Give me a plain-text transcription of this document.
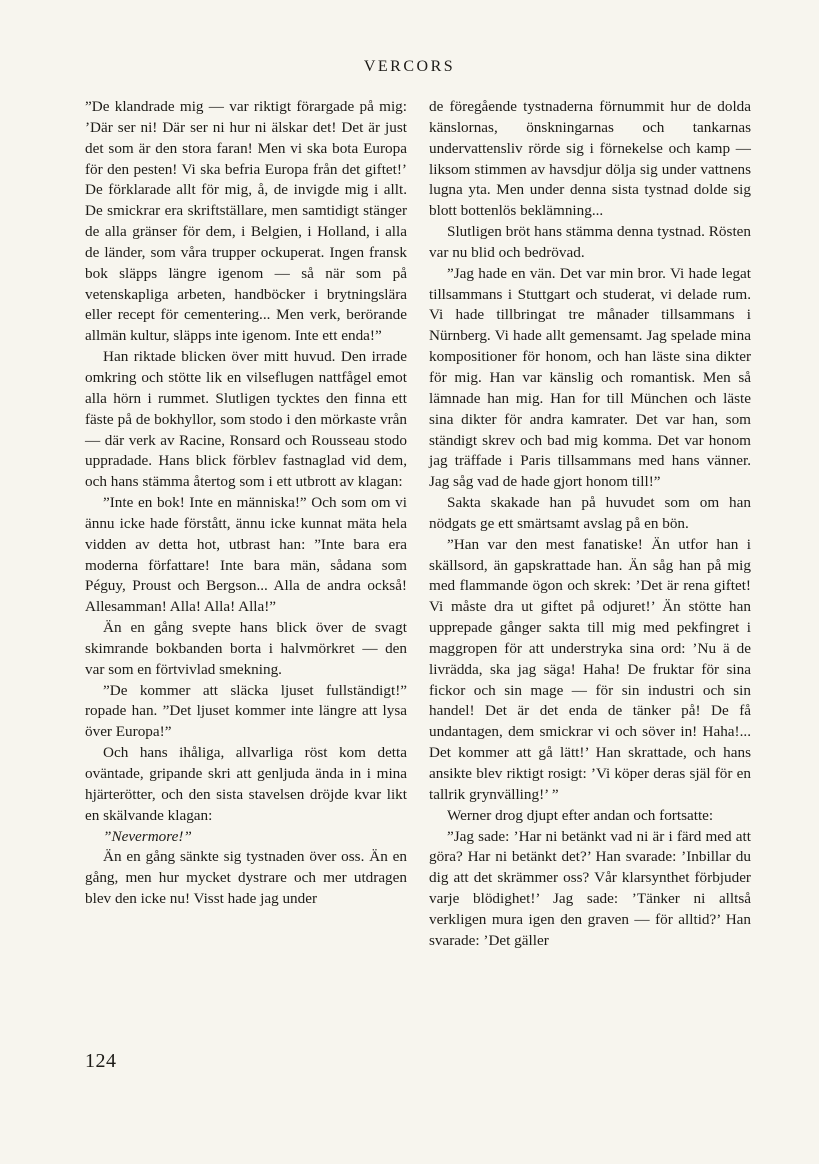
VERCORS

”De klandrade mig — var riktigt förargade på mig: ’Där ser ni! Där ser ni hur ni älskar det! Det är just det som är den stora faran! Men vi ska bota Europa för den pesten! Vi ska befria Europa från det giftet!’ De förklarade allt för mig, å, de invigde mig i allt. De smickrar era skriftställare, men samtidigt stänger de alla gränser för dem, i Belgien, i Holland, i alla de länder, som våra trupper ockuperat. Ingen fransk bok släpps längre igenom — så när som på vetenskapliga arbeten, handböcker i brytningslära eller recept för cementering... Men verk, berörande allmän kultur, släpps inte igenom. Inte ett enda!”

Han riktade blicken över mitt huvud. Den irrade omkring och stötte lik en vilseflugen nattfågel emot alla hörn i rummet. Slutligen tycktes den finna ett fäste på de bokhyllor, som stodo i den mörkaste vrån — där verk av Racine, Ronsard och Rousseau stodo uppradade. Hans blick förblev fastnaglad vid dem, och hans stämma återtog som i ett utbrott av klagan:

”Inte en bok! Inte en människa!” Och som om vi ännu icke hade förstått, ännu icke kunnat mäta hela vidden av detta hot, utbrast han: ”Inte bara era moderna författare! Inte bara män, sådana som Péguy, Proust och Bergson... Alla de andra också! Allesamman! Alla! Alla! Alla!”

Än en gång svepte hans blick över de svagt skimrande bokbanden borta i halvmörkret — den var som en förtvivlad smekning.

”De kommer att släcka ljuset fullständigt!” ropade han. ”Det ljuset kommer inte längre att lysa över Europa!”

Och hans ihåliga, allvarliga röst kom detta oväntade, gripande skri att genljuda ända in i mina hjärterötter, och den sista stavelsen dröjde kvar likt en skälvande klagan:

”Nevermore!”

Än en gång sänkte sig tystnaden över oss. Än en gång, men hur mycket dystrare och mer utdragen blev den icke nu! Visst hade jag under

de föregående tystnaderna förnummit hur de dolda känslornas, önskningarnas och tankarnas undervattensliv rörde sig i förnekelse och kamp — liksom stimmen av havsdjur dölja sig under vattnens lugna yta. Men under denna sista tystnad dolde sig blott bottenlös beklämning...

Slutligen bröt hans stämma denna tystnad. Rösten var nu blid och bedrövad.

”Jag hade en vän. Det var min bror. Vi hade legat tillsammans i Stuttgart och studerat, vi delade rum. Vi hade tillbringat tre månader tillsammans i Nürnberg. Vi hade allt gemensamt. Jag spelade mina kompositioner för honom, och han läste sina dikter för mig. Han var känslig och romantisk. Men så lämnade han mig. Han for till München och läste sina dikter för andra kamrater. Det var han, som ständigt skrev och bad mig komma. Det var honom jag träffade i Paris tillsammans med hans vänner. Jag såg vad de hade gjort honom till!”

Sakta skakade han på huvudet som om han nödgats ge ett smärtsamt avslag på en bön.

”Han var den mest fanatiske! Än utfor han i skällsord, än gapskrattade han. Än såg han på mig med flammande ögon och skrek: ’Det är rena giftet! Vi måste dra ut giftet på odjuret!’ Än stötte han upprepade gånger sakta till mig med pekfingret i maggropen för att understryka sina ord: ’Nu ä de livrädda, ska jag säga! Haha! De fruktar för sina fickor och sin mage — för sin industri och sin handel! Det är det enda de tänker på! De få undantagen, dem smickrar vi och söver in! Haha!... Det kommer att gå lätt!’ Han skrattade, och hans ansikte blev riktigt rosigt: ’Vi köper deras själ för en tallrik grynvälling!’ ”

Werner drog djupt efter andan och fortsatte:

”Jag sade: ’Har ni betänkt vad ni är i färd med att göra? Har ni betänkt det?’ Han svarade: ’Inbillar du dig att det skrämmer oss? Vår klarsynthet förbjuder varje blödighet!’ Jag sade: ’Tänker ni alltså verkligen mura igen den graven — för alltid?’ Han svarade: ’Det gäller

124
